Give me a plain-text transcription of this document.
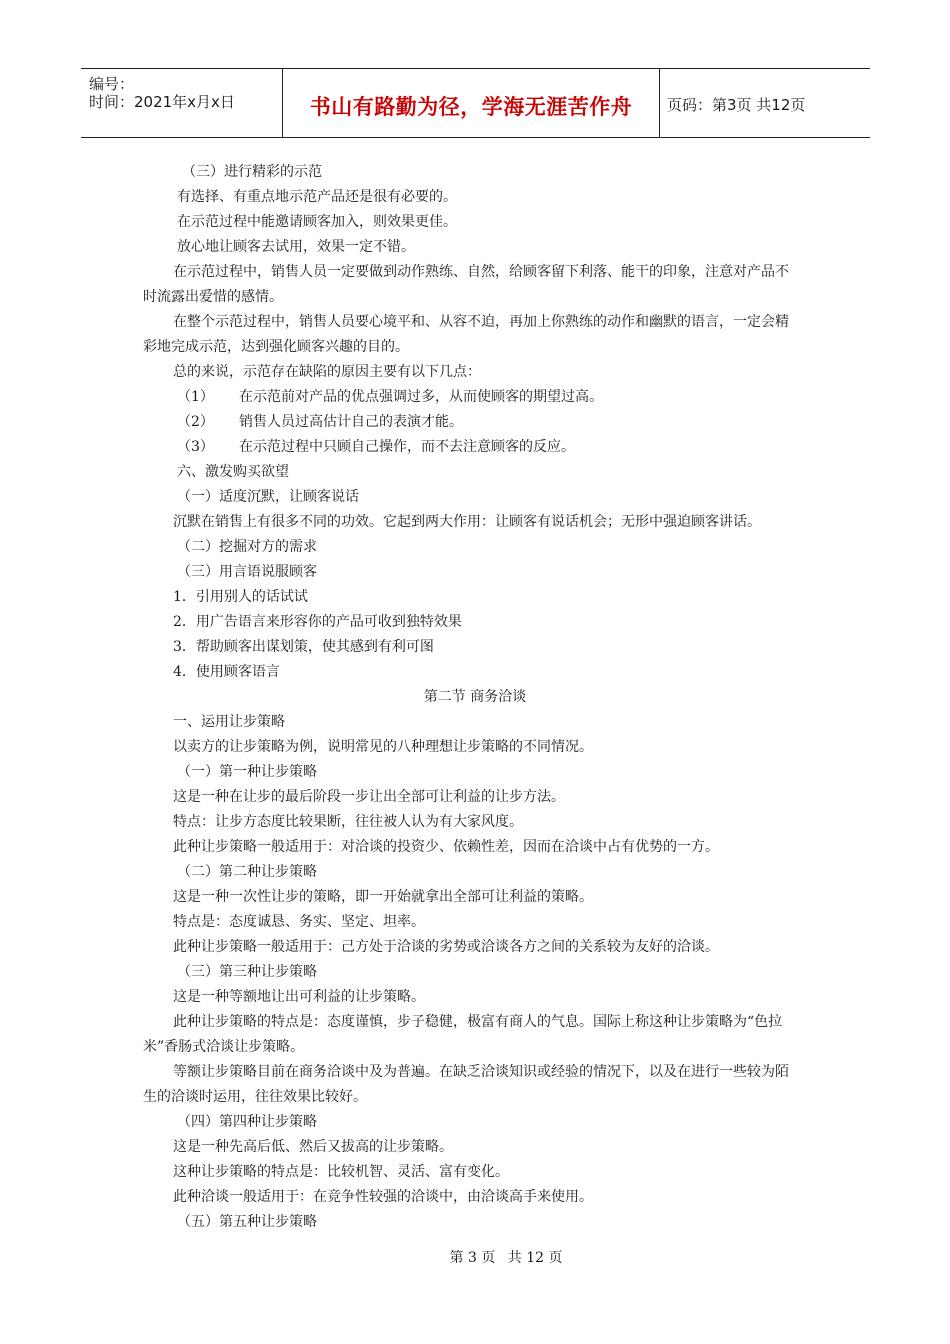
编号：
时间：2021年x月x日	书山有路勤为径，学海无涯苦作舟	页码：第3页 共12页
（三）进行精彩的示范
有选择、有重点地示范产品还是很有必要的。
在示范过程中能邀请顾客加入，则效果更佳。
放心地让顾客去试用，效果一定不错。
在示范过程中，销售人员一定要做到动作熟练、自然，给顾客留下利落、能干的印象，注意对产品不
时流露出爱惜的感情。
在整个示范过程中，销售人员要心境平和、从容不迫，再加上你熟练的动作和幽默的语言，一定会精
彩地完成示范，达到强化顾客兴趣的目的。
总的来说，示范存在缺陷的原因主要有以下几点：
（1） 在示范前对产品的优点强调过多，从而使顾客的期望过高。
（2） 销售人员过高估计自己的表演才能。
（3） 在示范过程中只顾自己操作，而不去注意顾客的反应。
六、激发购买欲望
（一）适度沉默，让顾客说话
沉默在销售上有很多不同的功效。它起到两大作用：让顾客有说话机会；无形中强迫顾客讲话。
（二）挖掘对方的需求
（三）用言语说服顾客
1．引用别人的话试试
2．用广告语言来形容你的产品可收到独特效果
3．帮助顾客出谋划策，使其感到有利可图
4．使用顾客语言
第二节 商务洽谈
一、运用让步策略
以卖方的让步策略为例，说明常见的八种理想让步策略的不同情况。
（一）第一种让步策略
这是一种在让步的最后阶段一步让出全部可让利益的让步方法。
特点：让步方态度比较果断，往往被人认为有大家风度。
此种让步策略一般适用于：对洽谈的投资少、依赖性差，因而在洽谈中占有优势的一方。
（二）第二种让步策略
这是一种一次性让步的策略，即一开始就拿出全部可让利益的策略。
特点是：态度诚恳、务实、坚定、坦率。
此种让步策略一般适用于：己方处于洽谈的劣势或洽谈各方之间的关系较为友好的洽谈。
（三）第三种让步策略
这是一种等额地让出可利益的让步策略。
此种让步策略的特点是：态度谨慎，步子稳健，极富有商人的气息。国际上称这种让步策略为“色拉
米”香肠式洽谈让步策略。
等额让步策略目前在商务洽谈中及为普遍。在缺乏洽谈知识或经验的情况下，以及在进行一些较为陌
生的洽谈时运用，往往效果比较好。
（四）第四种让步策略
这是一种先高后低、然后又拔高的让步策略。
这种让步策略的特点是：比较机智、灵活、富有变化。
此种洽谈一般适用于：在竞争性较强的洽谈中，由洽谈高手来使用。
（五）第五种让步策略
第 3 页 共 12 页
